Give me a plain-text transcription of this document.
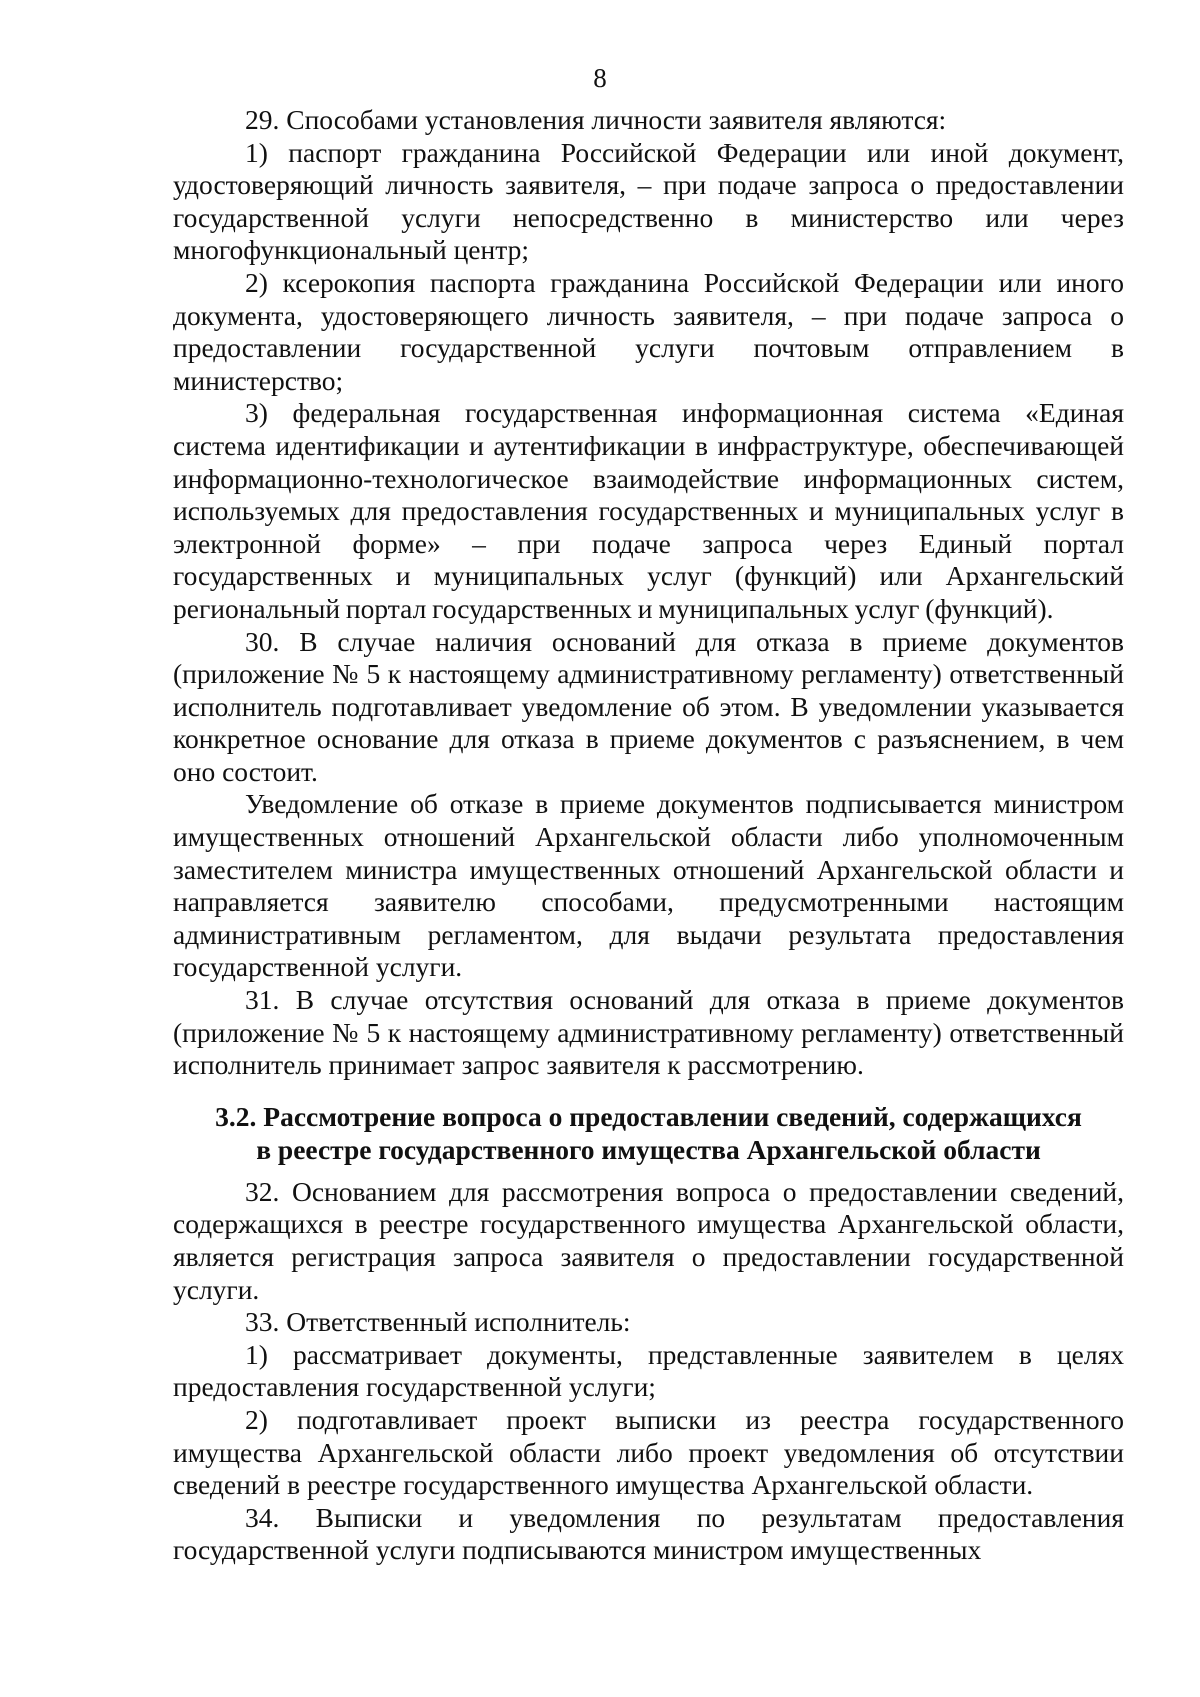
8

29. Способами установления личности заявителя являются:

1) паспорт гражданина Российской Федерации или иной документ, удостоверяющий личность заявителя, – при подаче запроса о предоставлении государственной услуги непосредственно в министерство или через многофункциональный центр;

2) ксерокопия паспорта гражданина Российской Федерации или иного документа, удостоверяющего личность заявителя, – при подаче запроса о предоставлении государственной услуги почтовым отправлением в министерство;

3) федеральная государственная информационная система «Единая система идентификации и аутентификации в инфраструктуре, обеспечивающей информационно-технологическое взаимодействие информационных систем, используемых для предоставления государственных и муниципальных услуг в электронной форме» – при подаче запроса через Единый портал государственных и муниципальных услуг (функций) или Архангельский региональный портал государственных и муниципальных услуг (функций).

30. В случае наличия оснований для отказа в приеме документов (приложение № 5 к настоящему административному регламенту) ответственный исполнитель подготавливает уведомление об этом. В уведомлении указывается конкретное основание для отказа в приеме документов с разъяснением, в чем оно состоит.

Уведомление об отказе в приеме документов подписывается министром имущественных отношений Архангельской области либо уполномоченным заместителем министра имущественных отношений Архангельской области и направляется заявителю способами, предусмотренными настоящим административным регламентом, для выдачи результата предоставления государственной услуги.

31. В случае отсутствия оснований для отказа в приеме документов (приложение № 5 к настоящему административному регламенту) ответственный исполнитель принимает запрос заявителя к рассмотрению.

3.2. Рассмотрение вопроса о предоставлении сведений, содержащихся
в реестре государственного имущества Архангельской области

32. Основанием для рассмотрения вопроса о предоставлении сведений, содержащихся в реестре государственного имущества Архангельской области, является регистрация запроса заявителя о предоставлении государственной услуги.

33. Ответственный исполнитель:

1) рассматривает документы, представленные заявителем в целях предоставления государственной услуги;

2) подготавливает проект выписки из реестра государственного имущества Архангельской области либо проект уведомления об отсутствии сведений в реестре государственного имущества Архангельской области.

34. Выписки и уведомления по результатам предоставления государственной услуги подписываются министром имущественных
